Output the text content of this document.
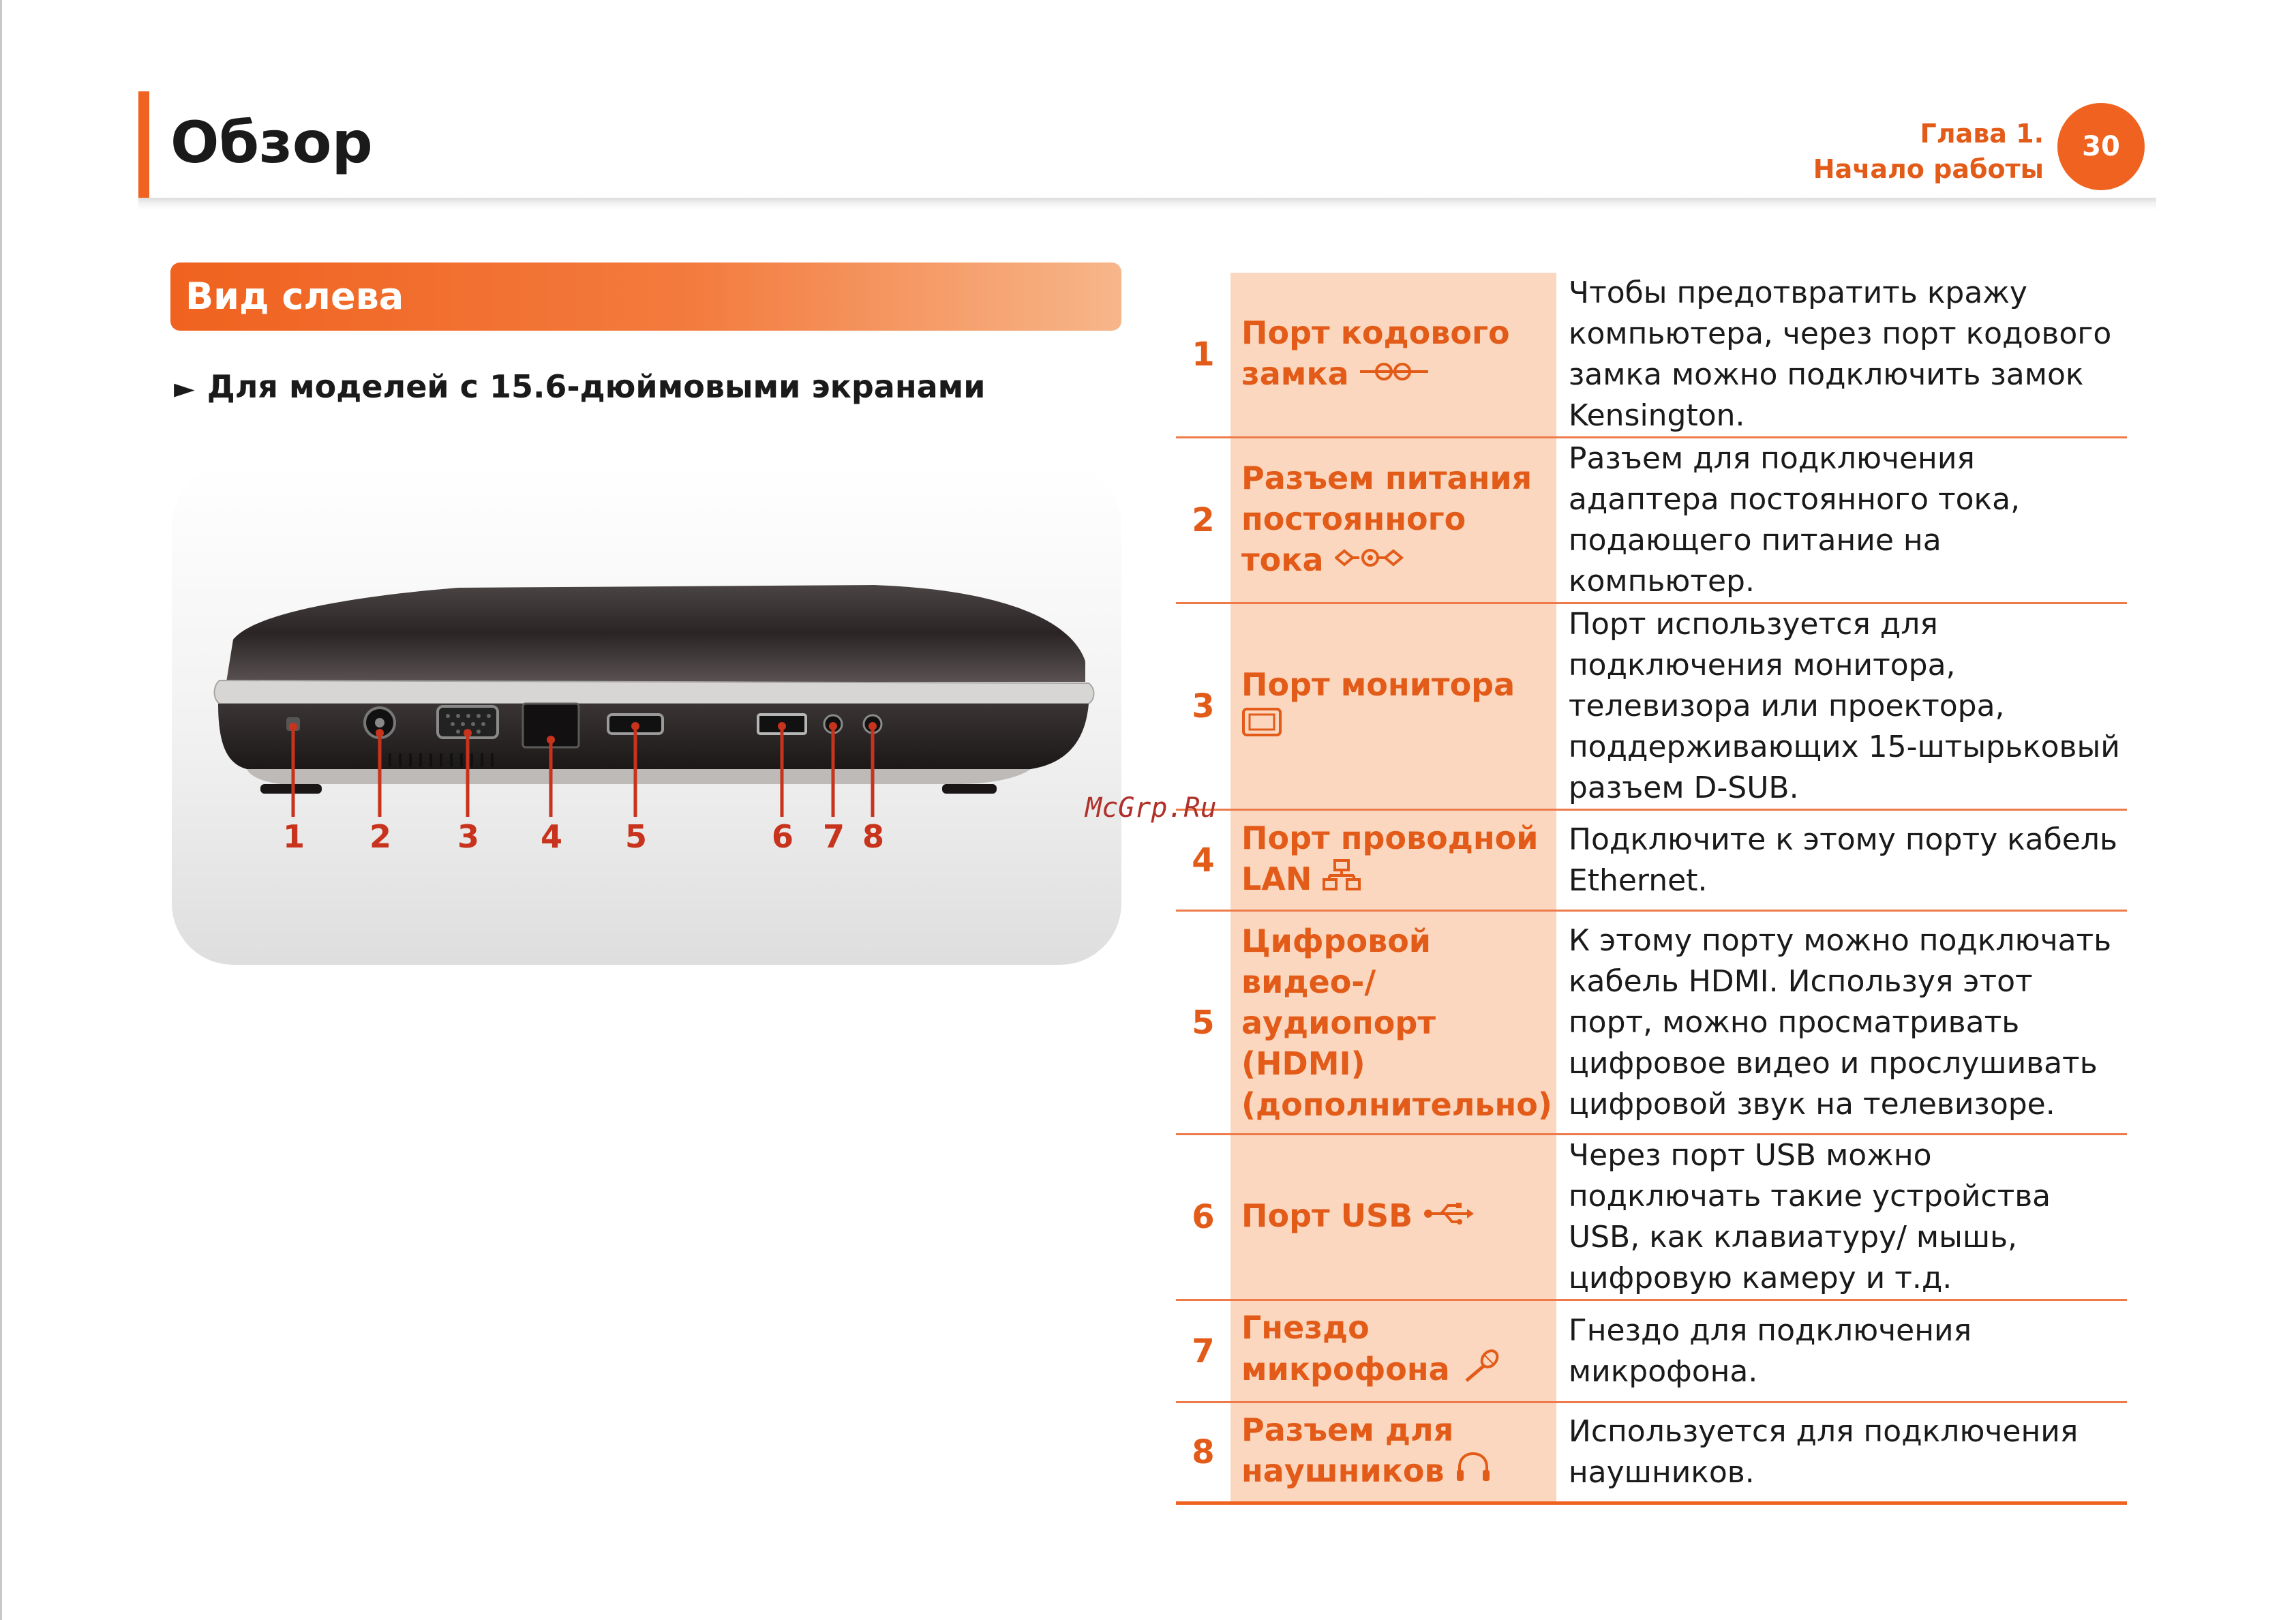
Обзор	Глава 1.
Начало работы
30
Вид слева
► Для моделей с 15.6-дюймовыми экранами
1 2 3 4 5	6 7 8
1	Порт кодового замка	Чтобы предотвратить кражу компьютера, через порт кодового замка можно подключить замок Kensington.
2	Разъем питания постоянного тока	Разъем для подключения адаптера постоянного тока, подающего питание на компьютер.
3	Порт монитора	Порт используется для подключения монитора, телевизора или проектора, поддерживающих 15-штырьковый разъем D-SUB.
4	Порт проводной LAN	Подключите к этому порту кабель Ethernet.
5	Цифровой видео-/ аудиопорт (HDMI) (дополнительно)	К этому порту можно подключать кабель HDMI. Используя этот порт, можно просматривать цифровое видео и прослушивать цифровой звук на телевизоре.
6	Порт USB	Через порт USB можно подключать такие устройства USB, как клавиатуру/ мышь, цифровую камеру и т.д.
7	Гнездо микрофона	Гнездо для подключения микрофона.
8	Разъем для наушников	Используется для подключения наушников.
McGrp.Ru
